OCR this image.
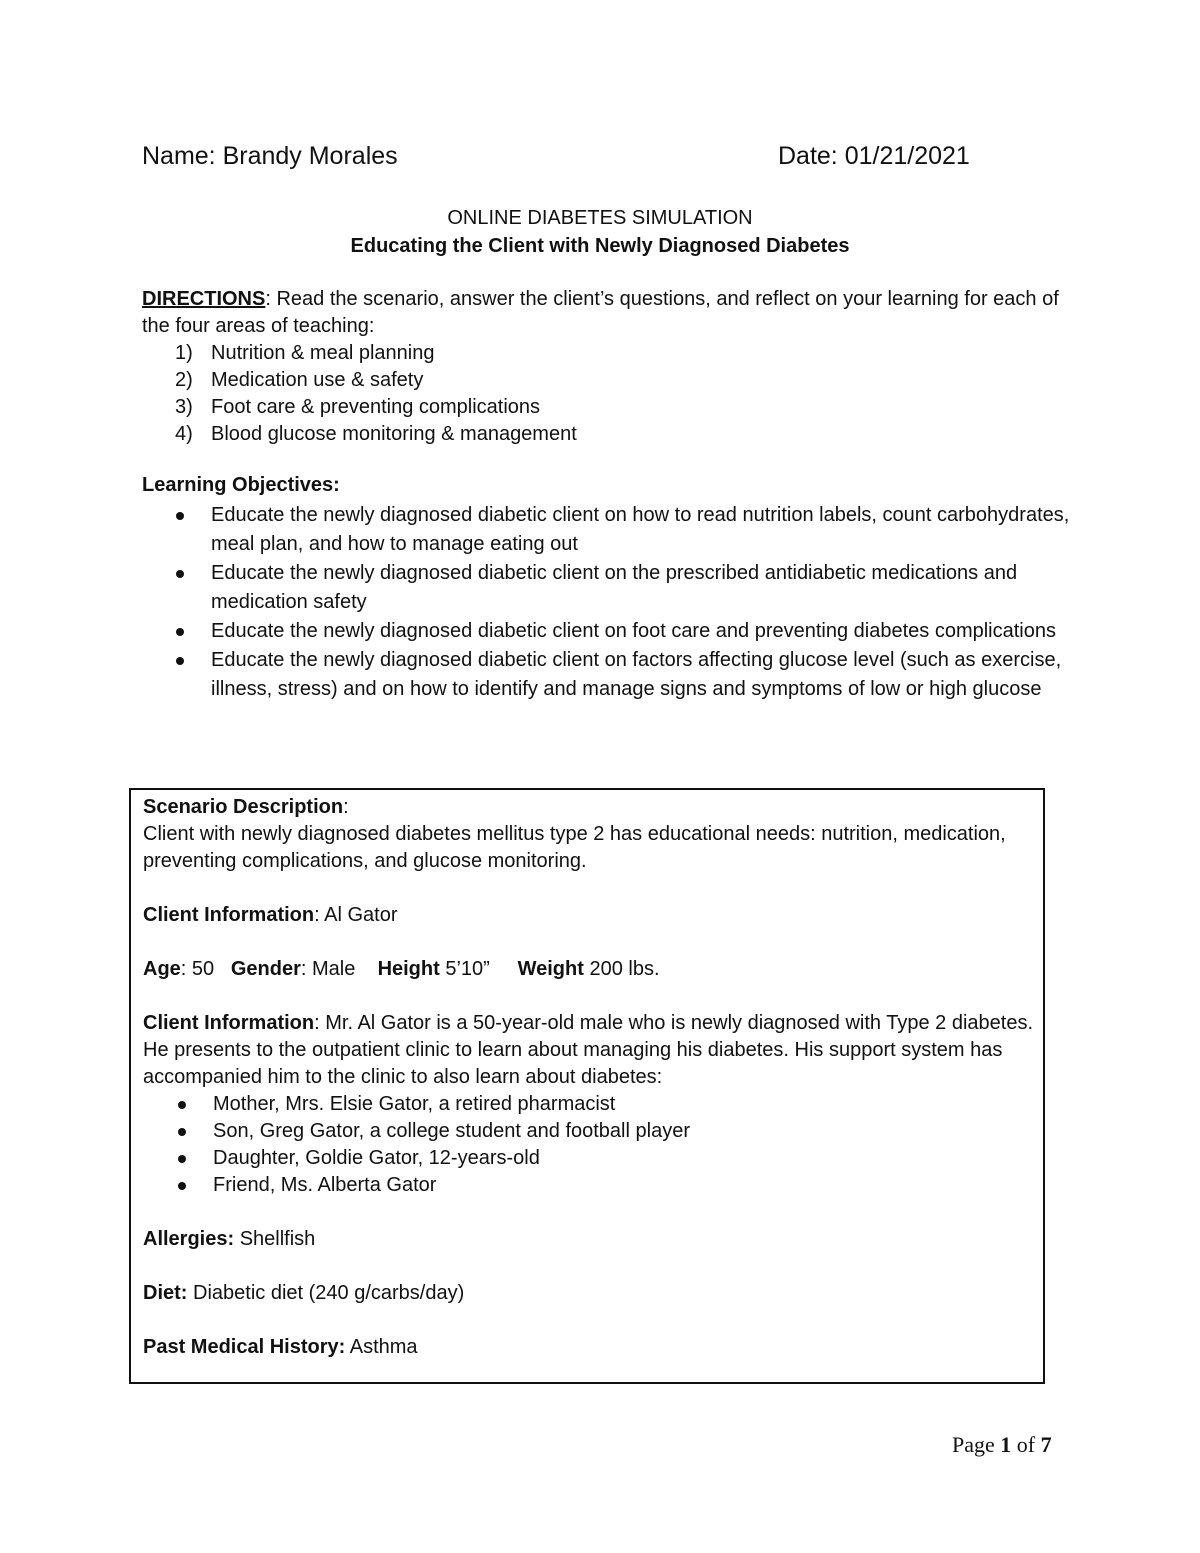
Name: Brandy Morales	Date: 01/21/2021
ONLINE DIABETES SIMULATION
Educating the Client with Newly Diagnosed Diabetes
DIRECTIONS: Read the scenario, answer the client’s questions, and reflect on your learning for each of the four areas of teaching:
1) Nutrition & meal planning
2) Medication use & safety
3) Foot care & preventing complications
4) Blood glucose monitoring & management
Learning Objectives:
Educate the newly diagnosed diabetic client on how to read nutrition labels, count carbohydrates, meal plan, and how to manage eating out
Educate the newly diagnosed diabetic client on the prescribed antidiabetic medications and medication safety
Educate the newly diagnosed diabetic client on foot care and preventing diabetes complications
Educate the newly diagnosed diabetic client on factors affecting glucose level (such as exercise, illness, stress) and on how to identify and manage signs and symptoms of low or high glucose

Scenario Description:

Client with newly diagnosed diabetes mellitus type 2 has educational needs: nutrition, medication, preventing complications, and glucose monitoring.

Client Information: Al Gator

Age: 50 Gender: Male Height 5’10” Weight 200 lbs.

Client Information: Mr. Al Gator is a 50-year-old male who is newly diagnosed with Type 2 diabetes. He presents to the outpatient clinic to learn about managing his diabetes. His support system has accompanied him to the clinic to also learn about diabetes:

Mother, Mrs. Elsie Gator, a retired pharmacist
Son, Greg Gator, a college student and football player
Daughter, Goldie Gator, 12-years-old
Friend, Ms. Alberta Gator

Allergies: Shellfish

Diet: Diabetic diet (240 g/carbs/day)

Past Medical History: Asthma

Page 1 of 7
